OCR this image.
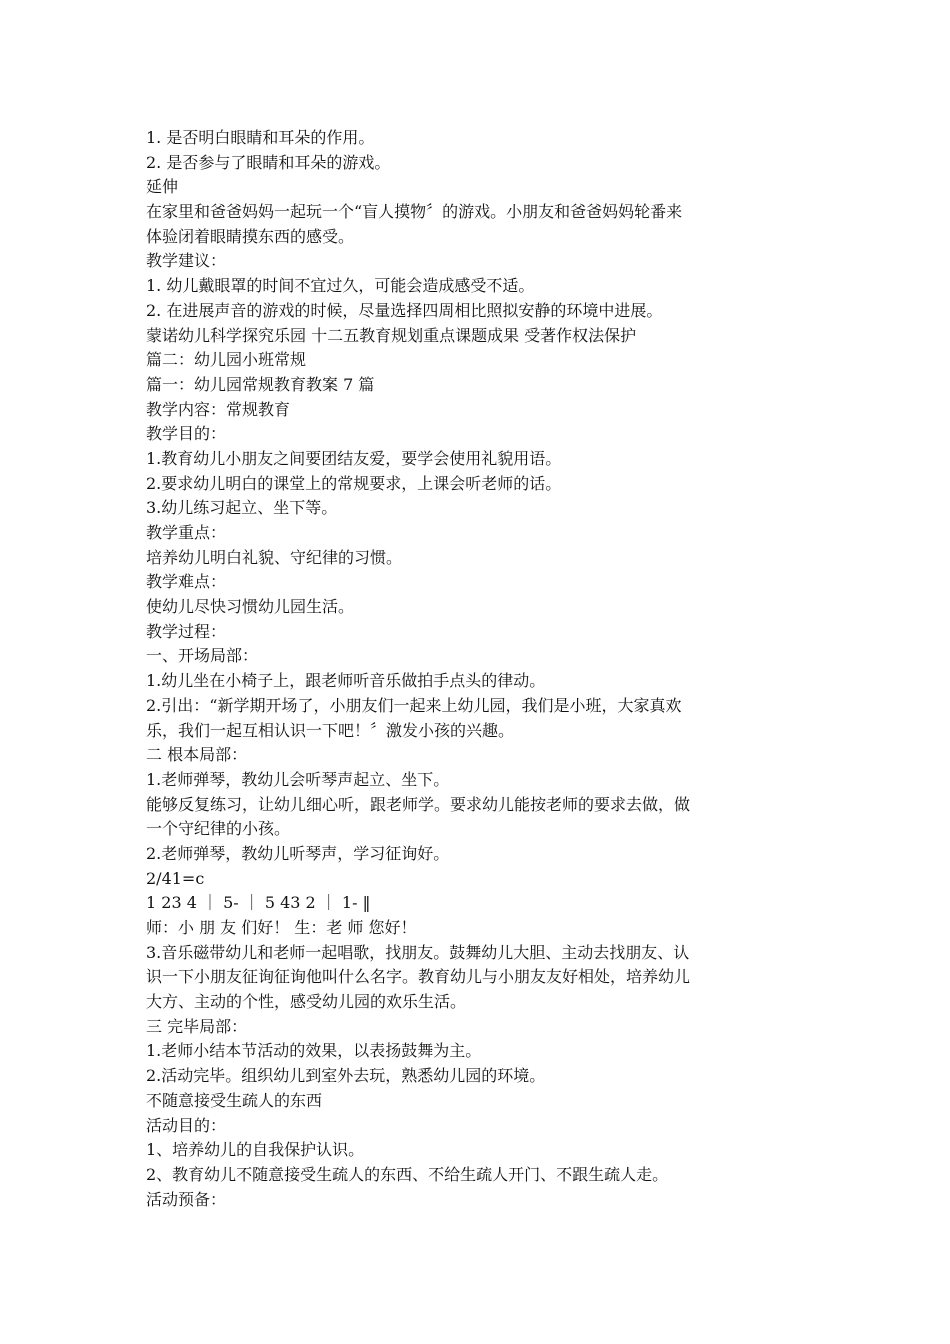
1. 是否明白眼睛和耳朵的作用。
2. 是否参与了眼睛和耳朵的游戏。
延伸
在家里和爸爸妈妈一起玩一个“盲人摸物〞的游戏。小朋友和爸爸妈妈轮番来
体验闭着眼睛摸东西的感受。
教学建议：
1. 幼儿戴眼罩的时间不宜过久，可能会造成感受不适。
2. 在进展声音的游戏的时候，尽量选择四周相比照拟安静的环境中进展。
蒙诺幼儿科学探究乐园 十二五教育规划重点课题成果 受著作权法保护
篇二：幼儿园小班常规
篇一：幼儿园常规教育教案 7 篇
教学内容：常规教育
教学目的：
1.教育幼儿小朋友之间要团结友爱，要学会使用礼貌用语。
2.要求幼儿明白的课堂上的常规要求，上课会听老师的话。
3.幼儿练习起立、坐下等。
教学重点：
培养幼儿明白礼貌、守纪律的习惯。
教学难点：
使幼儿尽快习惯幼儿园生活。
教学过程：
一、开场局部：
1.幼儿坐在小椅子上，跟老师听音乐做拍手点头的律动。
2.引出：“新学期开场了，小朋友们一起来上幼儿园，我们是小班，大家真欢
乐，我们一起互相认识一下吧！〞激发小孩的兴趣。
二 根本局部：
1.老师弹琴，教幼儿会听琴声起立、坐下。
能够反复练习，让幼儿细心听，跟老师学。要求幼儿能按老师的要求去做，做
一个守纪律的小孩。
2.老师弹琴，教幼儿听琴声，学习征询好。
2/41=c
1 23 4 ｜ 5- ｜ 5 43 2 ｜ 1- ‖
师：小 朋 友 们好！ 生：老 师 您好！
3.音乐磁带幼儿和老师一起唱歌，找朋友。鼓舞幼儿大胆、主动去找朋友、认
识一下小朋友征询征询他叫什么名字。教育幼儿与小朋友友好相处，培养幼儿
大方、主动的个性，感受幼儿园的欢乐生活。
三 完毕局部：
1.老师小结本节活动的效果，以表扬鼓舞为主。
2.活动完毕。组织幼儿到室外去玩，熟悉幼儿园的环境。
不随意接受生疏人的东西
活动目的：
1、培养幼儿的自我保护认识。
2、教育幼儿不随意接受生疏人的东西、不给生疏人开门、不跟生疏人走。
活动预备：
